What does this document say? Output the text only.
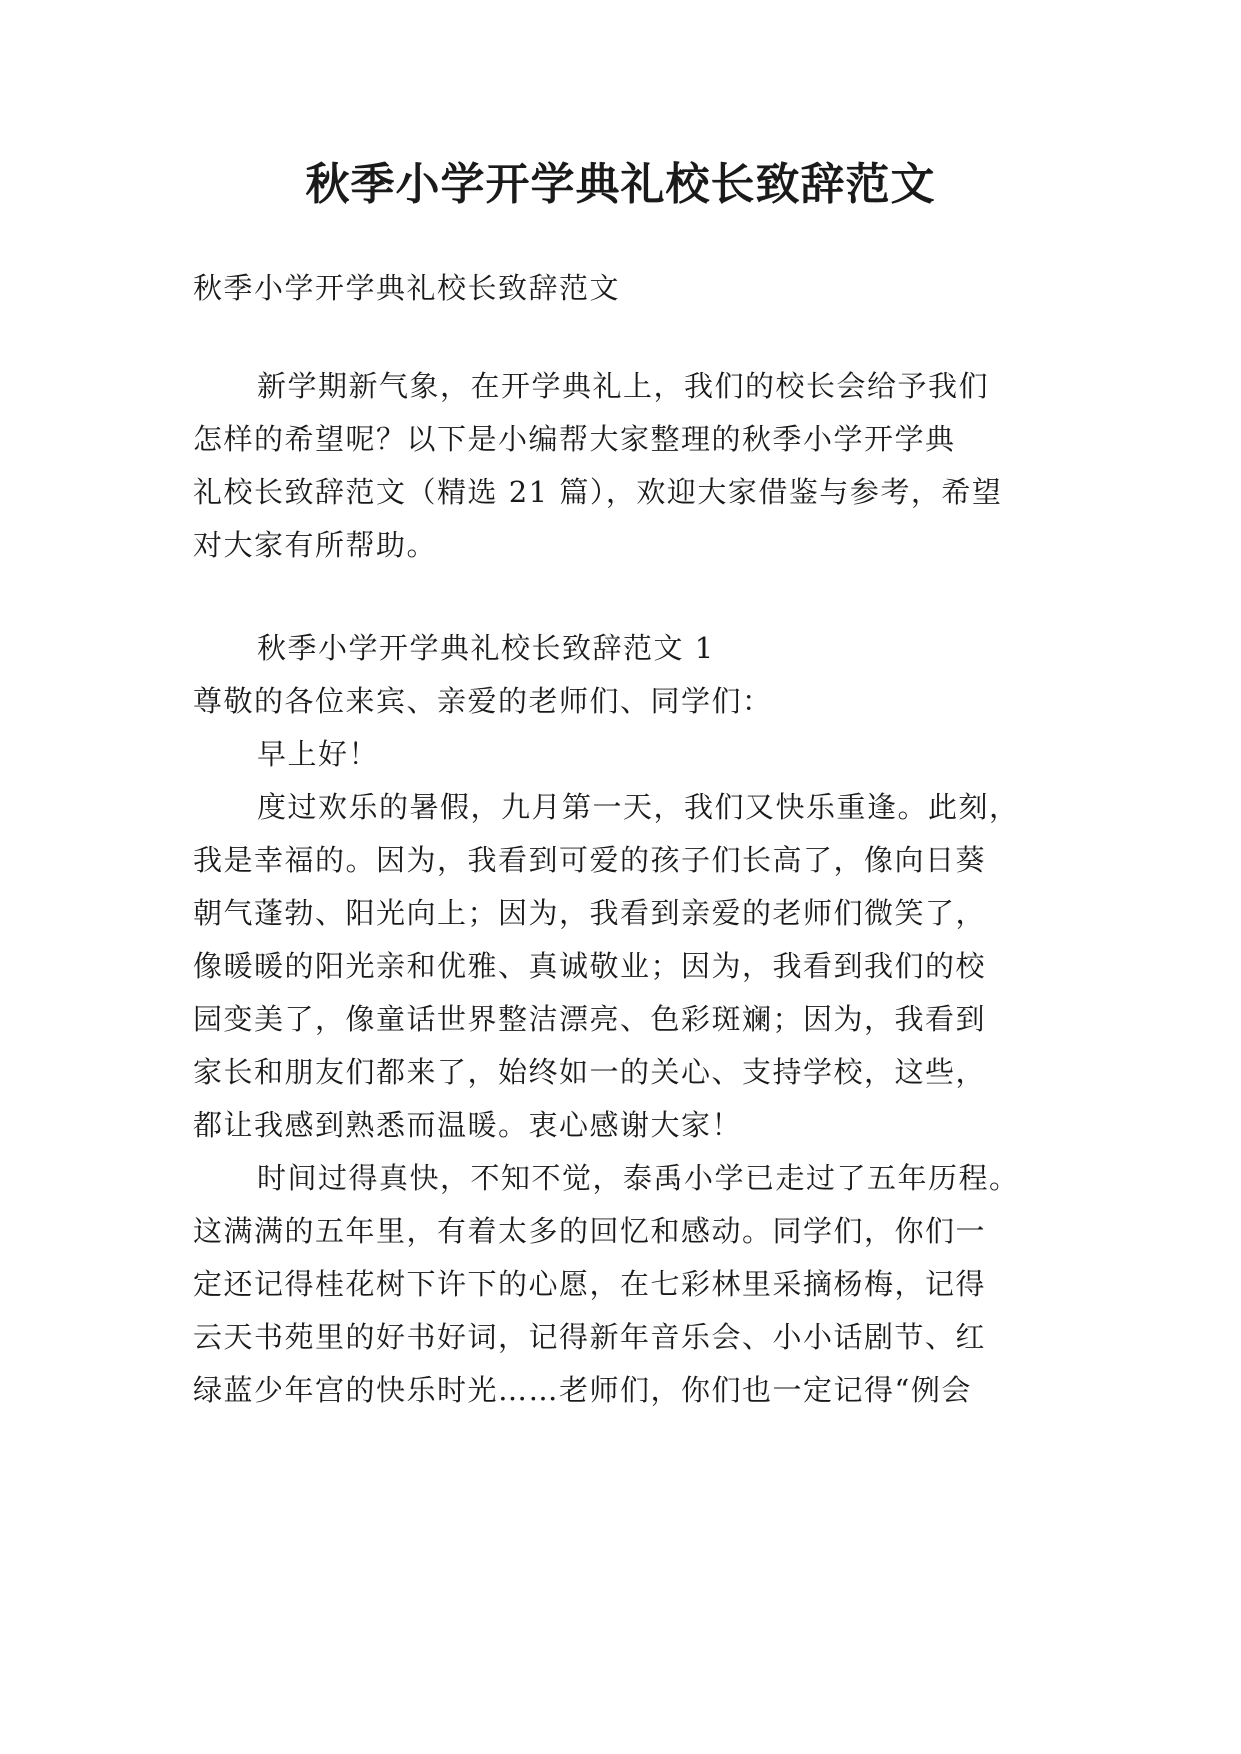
秋季小学开学典礼校长致辞范文
秋季小学开学典礼校长致辞范文
新学期新气象，在开学典礼上，我们的校长会给予我们
怎样的希望呢？以下是小编帮大家整理的秋季小学开学典
礼校长致辞范文（精选 21 篇），欢迎大家借鉴与参考，希望
对大家有所帮助。
秋季小学开学典礼校长致辞范文 1
尊敬的各位来宾、亲爱的老师们、同学们：
早上好！
度过欢乐的暑假，九月第一天，我们又快乐重逢。此刻，
我是幸福的。因为，我看到可爱的孩子们长高了，像向日葵
朝气蓬勃、阳光向上；因为，我看到亲爱的老师们微笑了，
像暖暖的阳光亲和优雅、真诚敬业；因为，我看到我们的校
园变美了，像童话世界整洁漂亮、色彩斑斓；因为，我看到
家长和朋友们都来了，始终如一的关心、支持学校，这些，
都让我感到熟悉而温暖。衷心感谢大家！
时间过得真快，不知不觉，泰禹小学已走过了五年历程。
这满满的五年里，有着太多的回忆和感动。同学们，你们一
定还记得桂花树下许下的心愿，在七彩林里采摘杨梅，记得
云天书苑里的好书好词，记得新年音乐会、小小话剧节、红
绿蓝少年宫的快乐时光……老师们，你们也一定记得“例会
